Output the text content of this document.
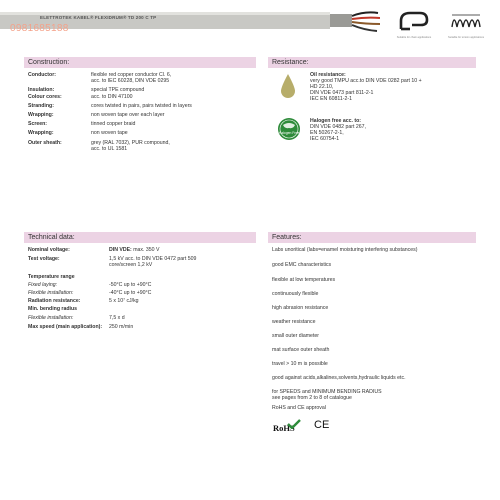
ELETTROTEK KABEL® FLEXIDRUM® TD 200 C TP
0981685188
Suitable for chain applications	Suitable for torsion applications
Construction:
Conductor:	flexible red copper conductor Cl. 6,
acc. to IEC 60228, DIN VDE 0295
Insulation:	special TPE compound
Colour cores:	acc. to DIN 47100
Stranding:	cores twisted in pairs, pairs twisted in layers
Wrapping:	non woven tape over each layer
Screen:	tinned copper braid
Wrapping:	non woven tape
Outer sheath:	grey (RAL 7032), PUR compound,
acc. to UL 1581
Resistance:
Oil resistance:
very good TMPU acc.to DIN VDE 0282 part 10 +
HD 22.10,
DIN VDE 0473 part 811-2-1
IEC EN 60811-2-1
Halogen Free
Halogen free acc. to:
DIN VDE 0482 part 267,
EN 50267-2-1,
IEC 60754-1
Technical data:
Nominal voltage:	DIN VDE: max. 350 V
Test voltage:	1,5 kV acc. to DIN VDE 0472 part 509
core/screen 1,2 kV
Temperature range
Fixed laying:	-50°C up to +90°C
Flexible installation:	-40°C up to +90°C
Radiation resistance:	5 x 10⁷ cJ/kg
Min. bending radius
Flexible installation:	7,5 x d
Max speed (main application):	250 m/min
Features:
Labs unoritical (labs=enamel moisturing interfering substances)
good EMC characteristics
flexible at low temperatures
continuously flexible
high abrasion resistance
weather resistance
small outer diameter
mat surface outer sheath
travel > 10 m is possible
good against acids,alkalines,solvents,hydraulic liquids etc.
for SPEEDS and MINIMUM BENDING RADIUS
see pages from 2 to 8 of catalogue
RoHS and CE approval
RoHS CE
